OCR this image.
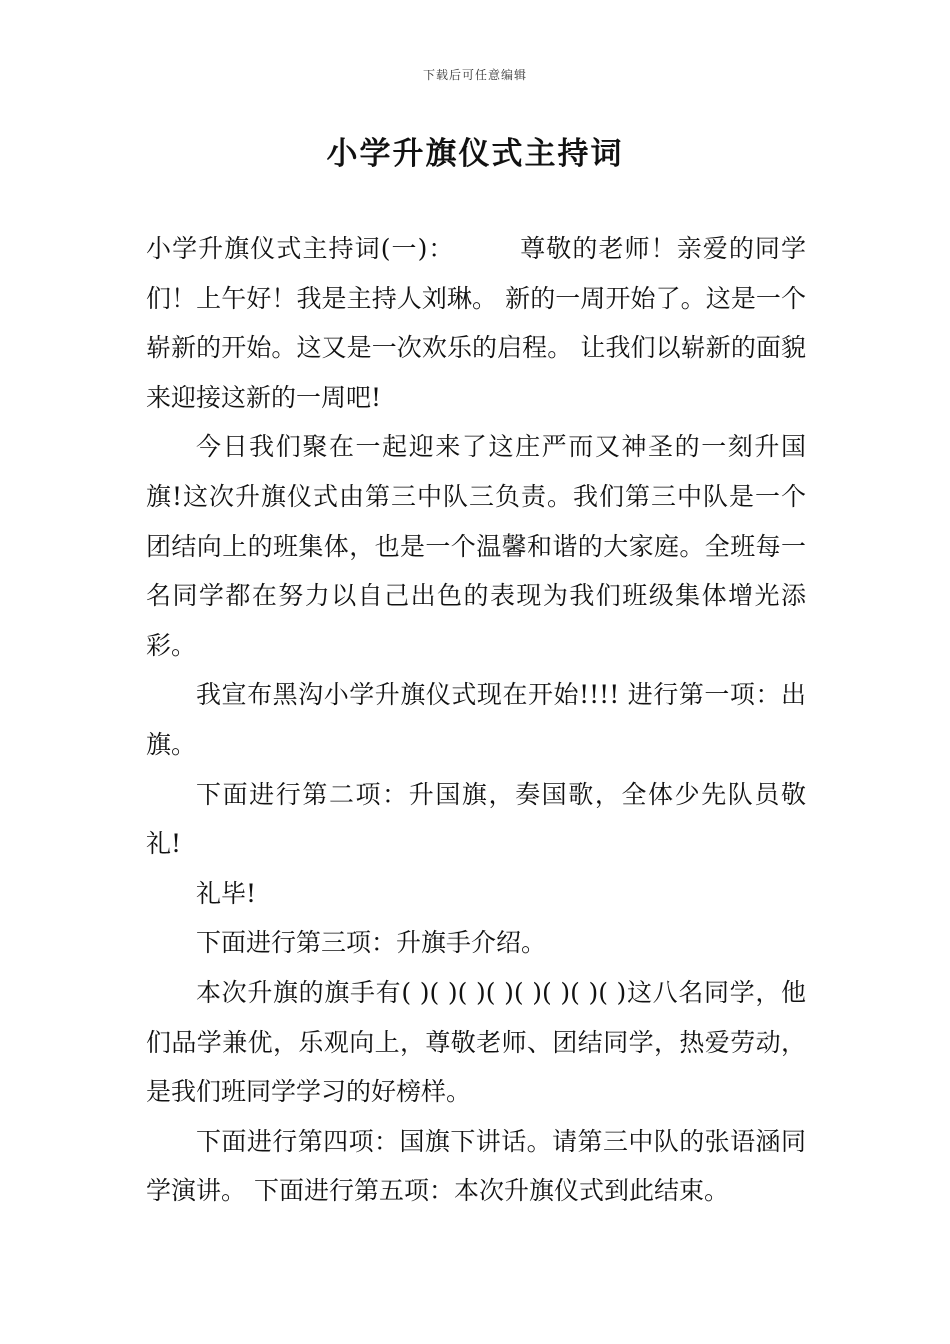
下载后可任意编辑
小学升旗仪式主持词

小学升旗仪式主持词(一)：　　　尊敬的老师！亲爱的同学们！上午好！我是主持人刘琳。 新的一周开始了。这是一个崭新的开始。这又是一次欢乐的启程。 让我们以崭新的面貌来迎接这新的一周吧!

今日我们聚在一起迎来了这庄严而又神圣的一刻升国旗!这次升旗仪式由第三中队三负责。我们第三中队是一个团结向上的班集体，也是一个温馨和谐的大家庭。全班每一名同学都在努力以自己出色的表现为我们班级集体增光添彩。

我宣布黑沟小学升旗仪式现在开始!!!! 进行第一项：出旗。

下面进行第二项：升国旗，奏国歌，全体少先队员敬礼!

礼毕!

下面进行第三项：升旗手介绍。

本次升旗的旗手有( )( )( )( )( )( )( )( )这八名同学，他们品学兼优，乐观向上，尊敬老师、团结同学，热爱劳动，是我们班同学学习的好榜样。

下面进行第四项：国旗下讲话。请第三中队的张语涵同学演讲。 下面进行第五项：本次升旗仪式到此结束。
